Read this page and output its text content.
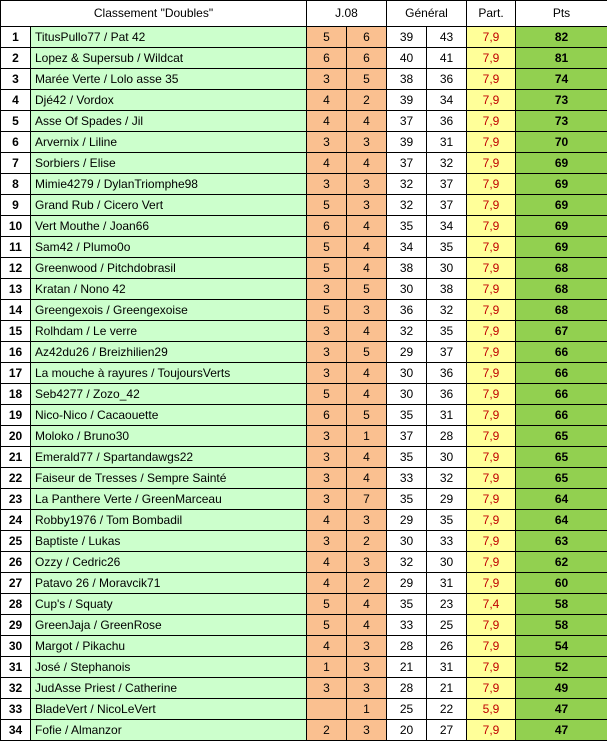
Classement "Doubles"		J.08		Général		Part.	Pts
1	TitusPullo77 / Pat 42	5	6	39	43	7,9	82
2	Lopez & Supersub / Wildcat	6	6	40	41	7,9	81
3	Marée Verte / Lolo asse 35	3	5	38	36	7,9	74
4	Djé42 / Vordox	4	2	39	34	7,9	73
5	Asse Of Spades / Jil	4	4	37	36	7,9	73
6	Arvernix / Liline	3	3	39	31	7,9	70
7	Sorbiers / Elise	4	4	37	32	7,9	69
8	Mimie4279 / DylanTriomphe98	3	3	32	37	7,9	69
9	Grand Rub / Cicero Vert	5	3	32	37	7,9	69
10	Vert Mouthe / Joan66	6	4	35	34	7,9	69
11	Sam42 / Plumo0o	5	4	34	35	7,9	69
12	Greenwood / Pitchdobrasil	5	4	38	30	7,9	68
13	Kratan / Nono 42	3	5	30	38	7,9	68
14	Greengexois / Greengexoise	5	3	36	32	7,9	68
15	Rolhdam / Le verre	3	4	32	35	7,9	67
16	Az42du26 / Breizhilien29	3	5	29	37	7,9	66
17	La mouche à rayures / ToujoursVerts	3	4	30	36	7,9	66
18	Seb4277 / Zozo_42	5	4	30	36	7,9	66
19	Nico-Nico / Cacaouette	6	5	35	31	7,9	66
20	Moloko / Bruno30	3	1	37	28	7,9	65
21	Emerald77 / Spartandawgs22	3	4	35	30	7,9	65
22	Faiseur de Tresses / Sempre Sainté	3	4	33	32	7,9	65
23	La Panthere Verte / GreenMarceau	3	7	35	29	7,9	64
24	Robby1976 / Tom Bombadil	4	3	29	35	7,9	64
25	Baptiste / Lukas	3	2	30	33	7,9	63
26	Ozzy / Cedric26	4	3	32	30	7,9	62
27	Patavo 26 / Moravcik71	4	2	29	31	7,9	60
28	Cup's / Squaty	5	4	35	23	7,4	58
29	GreenJaja / GreenRose	5	4	33	25	7,9	58
30	Margot / Pikachu	4	3	28	26	7,9	54
31	José / Stephanois	1	3	21	31	7,9	52
32	JudAsse Priest / Catherine	3	3	28	21	7,9	49
33	BladeVert / NicoLeVert		1	25	22	5,9	47
34	Fofie / Almanzor	2	3	20	27	7,9	47
